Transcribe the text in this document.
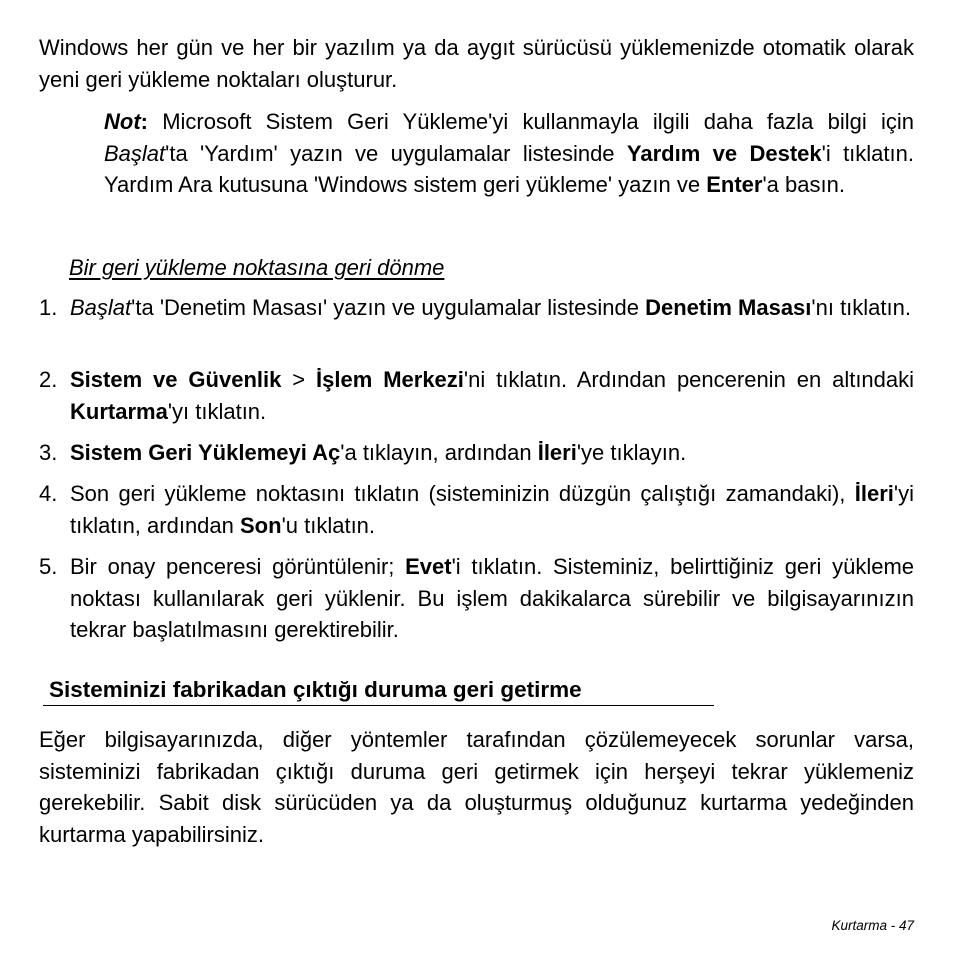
Windows her gün ve her bir yazılım ya da aygıt sürücüsü yüklemenizde otomatik olarak yeni geri yükleme noktaları oluşturur.

Not: Microsoft Sistem Geri Yükleme'yi kullanmayla ilgili daha fazla bilgi için Başlat'ta 'Yardım' yazın ve uygulamalar listesinde Yardım ve Destek'i tıklatın. Yardım Ara kutusuna 'Windows sistem geri yükleme' yazın ve Enter'a basın.

Bir geri yükleme noktasına geri dönme

1. Başlat'ta 'Denetim Masası' yazın ve uygulamalar listesinde Denetim Masası'nı tıklatın.
2. Sistem ve Güvenlik > İşlem Merkezi'ni tıklatın. Ardından pencerenin en altındaki Kurtarma'yı tıklatın.
3. Sistem Geri Yüklemeyi Aç'a tıklayın, ardından İleri'ye tıklayın.
4. Son geri yükleme noktasını tıklatın (sisteminizin düzgün çalıştığı zamandaki), İleri'yi tıklatın, ardından Son'u tıklatın.
5. Bir onay penceresi görüntülenir; Evet'i tıklatın. Sisteminiz, belirttiğiniz geri yükleme noktası kullanılarak geri yüklenir. Bu işlem dakikalarca sürebilir ve bilgisayarınızın tekrar başlatılmasını gerektirebilir.

Sisteminizi fabrikadan çıktığı duruma geri getirme

Eğer bilgisayarınızda, diğer yöntemler tarafından çözülemeyecek sorunlar varsa, sisteminizi fabrikadan çıktığı duruma geri getirmek için herşeyi tekrar yüklemeniz gerekebilir. Sabit disk sürücüden ya da oluşturmuş olduğunuz kurtarma yedeğinden kurtarma yapabilirsiniz.

Kurtarma - 47
